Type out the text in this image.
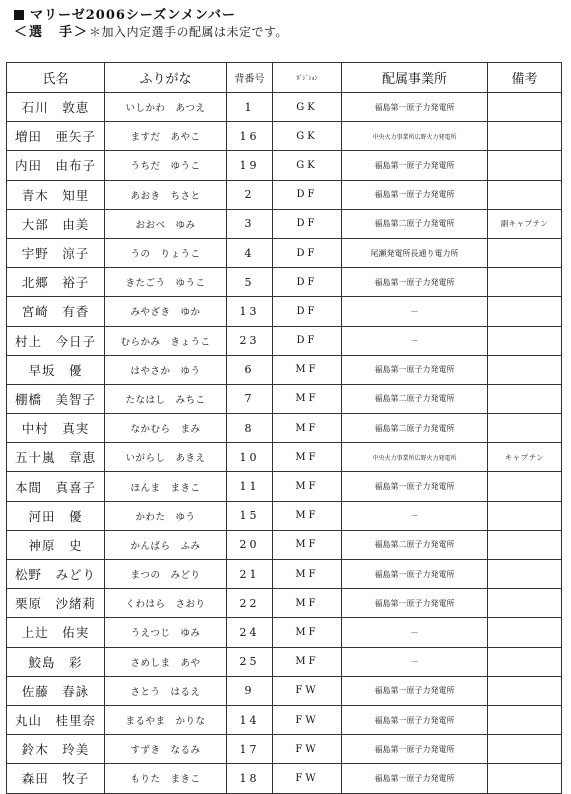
マリーゼ2006シーズンメンバー
＜選　手＞＊加入内定選手の配属は未定です。
氏名	ふりがな	背番号	ﾎﾟｼﾞｼｮﾝ	配属事業所	備考
石川　敦恵	いしかわ　あつえ	1	GK	福島第一原子力発電所	
増田　亜矢子	ますだ　あやこ	16	GK	中央火力事業所広野火力発電所	
内田　由布子	うちだ　ゆうこ	19	GK	福島第一原子力発電所	
青木　知里	あおき　ちさと	2	DF	福島第一原子力発電所	
大部　由美	おおべ　ゆみ	3	DF	福島第二原子力発電所	副キャプテン
宇野　涼子	うの　りょうこ	4	DF	尾瀬発電所長通り電力所	
北郷　裕子	きたごう　ゆうこ	5	DF	福島第一原子力発電所	
宮崎　有香	みやざき　ゆか	13	DF	－	
村上　今日子	むらかみ　きょうこ	23	DF	－	
早坂　優	はやさか　ゆう	6	MF	福島第一原子力発電所	
棚橋　美智子	たなはし　みちこ	7	MF	福島第二原子力発電所	
中村　真実	なかむら　まみ	8	MF	福島第二原子力発電所	
五十嵐　章恵	いがらし　あきえ	10	MF	中央火力事業所広野火力発電所	キャプテン
本間　真喜子	ほんま　まきこ	11	MF	福島第一原子力発電所	
河田　優	かわた　ゆう	15	MF	－	
神原　史	かんばら　ふみ	20	MF	福島第二原子力発電所	
松野　みどり	まつの　みどり	21	MF	福島第一原子力発電所	
栗原　沙緒莉	くわはら　さおり	22	MF	福島第一原子力発電所	
上辻　佑実	うえつじ　ゆみ	24	MF	－	
鮫島　彩	さめしま　あや	25	MF	－	
佐藤　春詠	さとう　はるえ	9	FW	福島第一原子力発電所	
丸山　桂里奈	まるやま　かりな	14	FW	福島第一原子力発電所	
鈴木　玲美	すずき　なるみ	17	FW	福島第一原子力発電所	
森田　牧子	もりた　まきこ	18	FW	福島第一原子力発電所	
